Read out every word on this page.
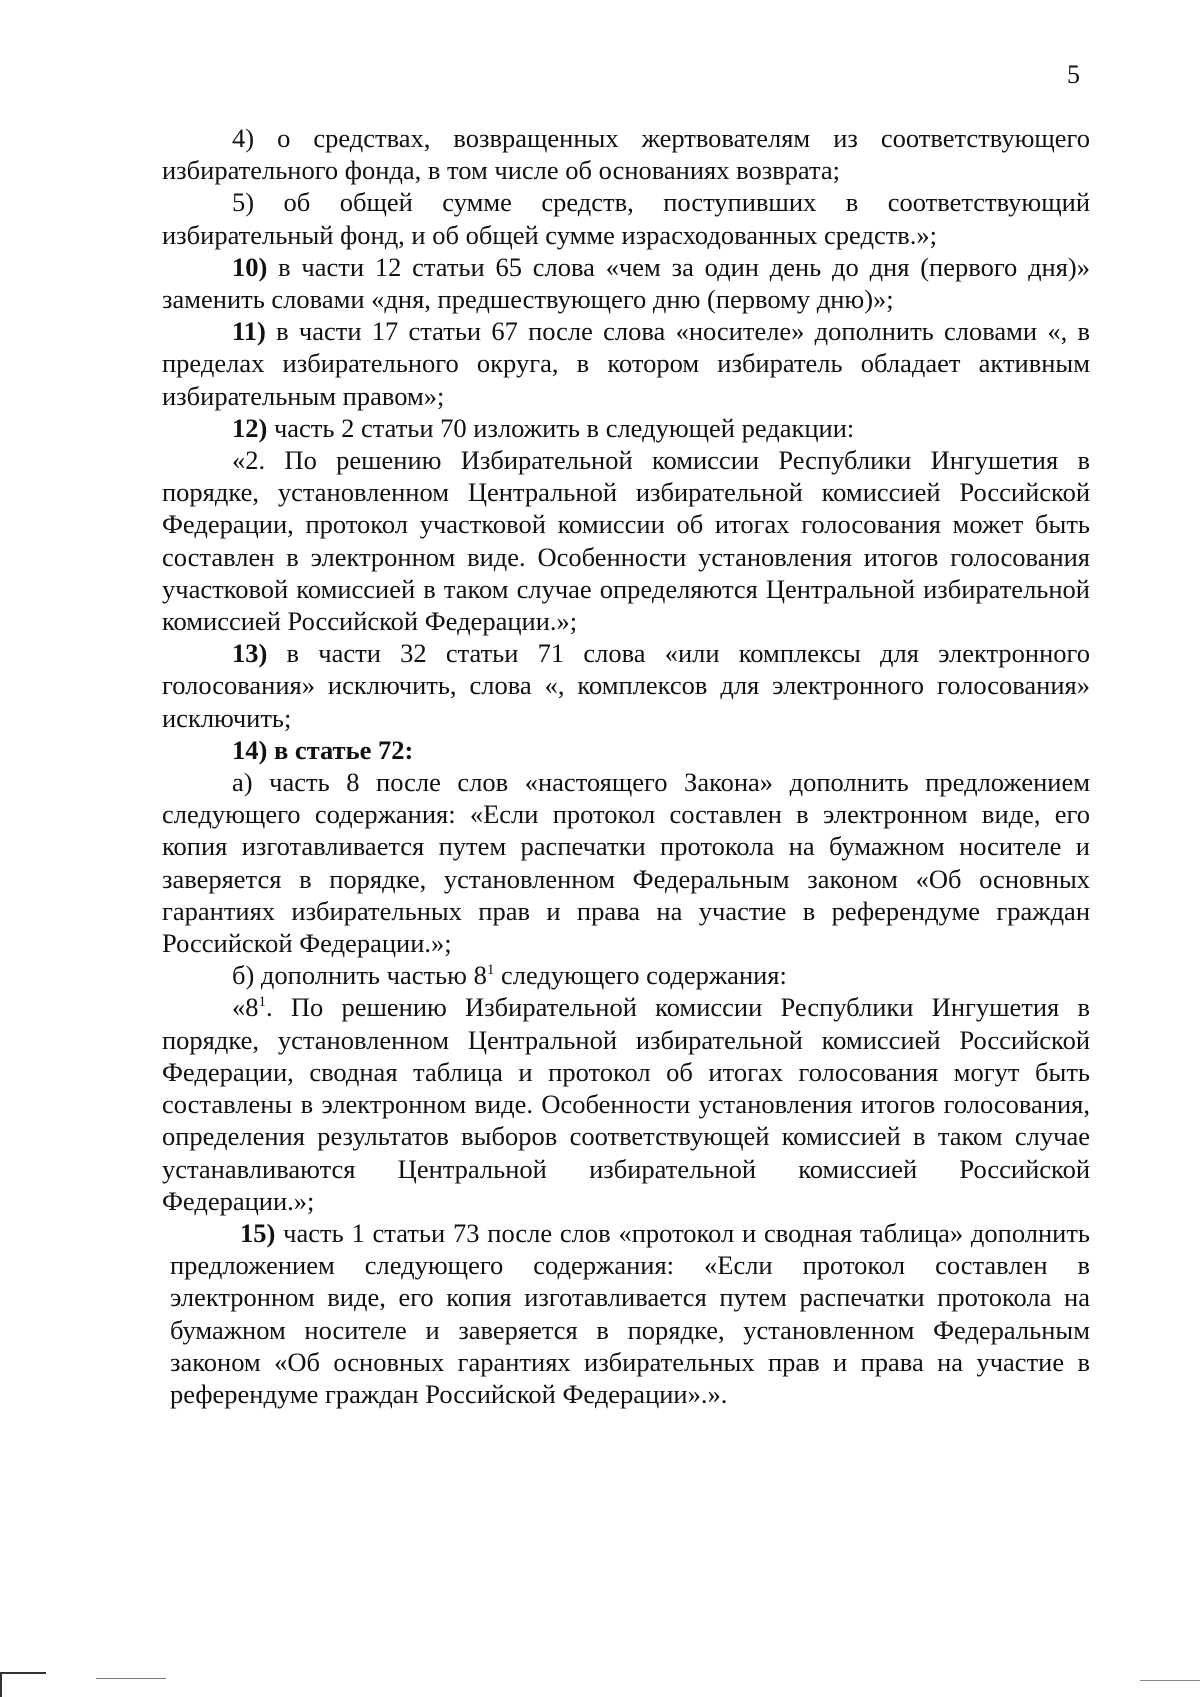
5

4) о средствах, возвращенных жертвователям из соответствующего избирательного фонда, в том числе об основаниях возврата;

5) об общей сумме средств, поступивших в соответствующий избирательный фонд, и об общей сумме израсходованных средств.»;

10) в части 12 статьи 65 слова «чем за один день до дня (первого дня)» заменить словами «дня, предшествующего дню (первому дню)»;

11) в части 17 статьи 67 после слова «носителе» дополнить словами «, в пределах избирательного округа, в котором избиратель обладает активным избирательным правом»;

12) часть 2 статьи 70 изложить в следующей редакции:

«2. По решению Избирательной комиссии Республики Ингушетия в порядке, установленном Центральной избирательной комиссией Российской Федерации, протокол участковой комиссии об итогах голосования может быть составлен в электронном виде. Особенности установления итогов голосования участковой комиссией в таком случае определяются Центральной избирательной комиссией Российской Федерации.»;

13) в части 32 статьи 71 слова «или комплексы для электронного голосования» исключить, слова «, комплексов для электронного голосования» исключить;

14) в статье 72:

а) часть 8 после слов «настоящего Закона» дополнить предложением следующего содержания: «Если протокол составлен в электронном виде, его копия изготавливается путем распечатки протокола на бумажном носителе и заверяется в порядке, установленном Федеральным законом «Об основных гарантиях избирательных прав и права на участие в референдуме граждан Российской Федерации.»;

б) дополнить частью $8^1$ следующего содержания:

«$8^1$. По решению Избирательной комиссии Республики Ингушетия в порядке, установленном Центральной избирательной комиссией Российской Федерации, сводная таблица и протокол об итогах голосования могут быть составлены в электронном виде. Особенности установления итогов голосования, определения результатов выборов соответствующей комиссией в таком случае устанавливаются Центральной избирательной комиссией Российской Федерации.»;

15) часть 1 статьи 73 после слов «протокол и сводная таблица» дополнить предложением следующего содержания: «Если протокол составлен в электронном виде, его копия изготавливается путем распечатки протокола на бумажном носителе и заверяется в порядке, установленном Федеральным законом «Об основных гарантиях избирательных прав и права на участие в референдуме граждан Российской Федерации».».
